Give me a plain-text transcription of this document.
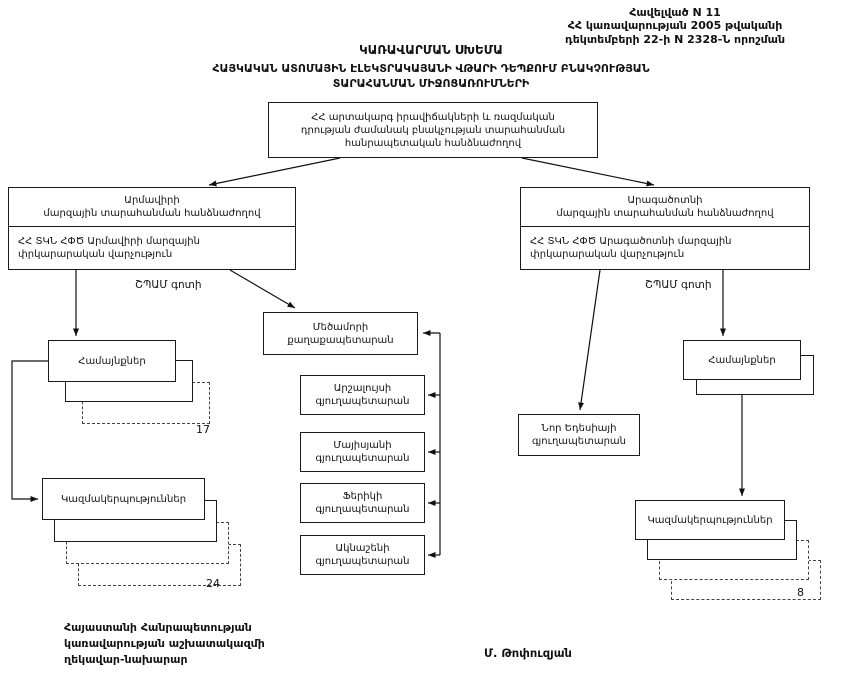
Հավելված N 11
ՀՀ կառավարության 2005 թվականի
դեկտեմբերի 22-ի N 2328-Ն որոշման
ԿԱՌԱՎԱՐՄԱՆ ՍԽԵՄԱ
ՀԱՅԿԱԿԱՆ ԱՏՈՄԱՅԻՆ ԷԼԵԿՏՐԱԿԱՅԱՆԻ ՎԹԱՐԻ ԴԵՊՔՈՒՄ ԲՆԱԿՉՈՒԹՅԱՆ
ՏԱՐԱՀԱՆՄԱՆ ՄԻՋՈՑԱՌՈՒՄՆԵՐԻ
ՀՀ արտակարգ իրավիճակների և ռազմական
դրության ժամանակ բնակչության տարահանման
հանրապետական հանձնաժողով
Արմավիրի
մարզային տարահանման հանձնաժողով
ՀՀ ՏԿՆ ՀՓԾ Արմավիրի մարզային
փրկարարական վարչություն
Արագածոտնի
մարզային տարահանման հանձնաժողով
ՀՀ ՏԿՆ ՀՓԾ Արագածոտնի մարզային
փրկարարական վարչություն
ՇՊԱՄ գոտի	ՇՊԱՄ գոտի
Մեծամորի
քաղաքապետարան
Արշալույսի
գյուղապետարան
Մայիսյանի
գյուղապետարան
Ֆերիկի
գյուղապետարան
Ակնաշենի
գյուղապետարան
Նոր Եդեսիայի
գյուղապետարան
Համայնքներ
17
Կազմակերպություններ
24
Համայնքներ
Կազմակերպություններ
8
Հայաստանի Հանրապետության
կառավարության աշխատակազմի
ղեկավար-նախարար	Մ. Թոփուզյան
